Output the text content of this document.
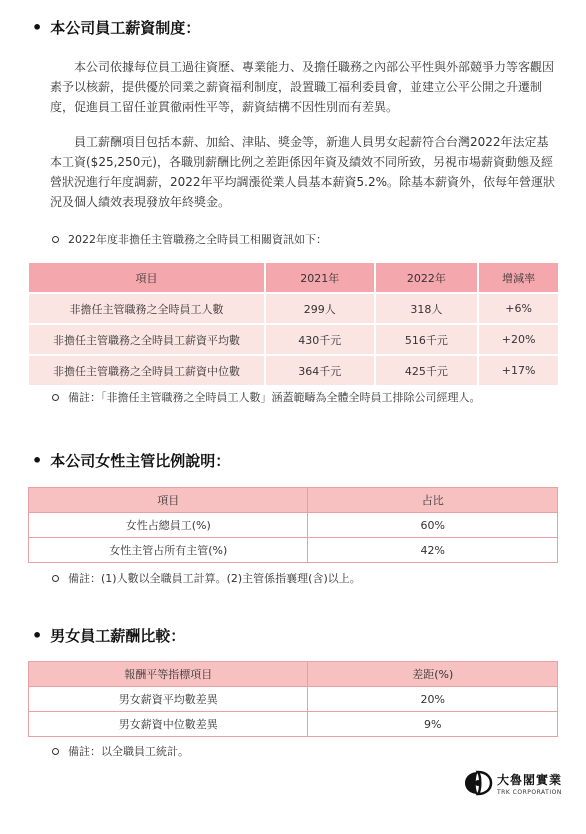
• 本公司員工薪資制度：

本公司依據每位員工過往資歷、專業能力、及擔任職務之內部公平性與外部競爭力等客觀因素予以核薪，提供優於同業之薪資福利制度，設置職工福利委員會，並建立公平公開之升遷制度，促進員工留任並貫徹兩性平等，薪資結構不因性別而有差異。

員工薪酬項目包括本薪、加給、津貼、獎金等，新進人員男女起薪符合台灣2022年法定基本工資($25,250元)，各職別薪酬比例之差距係因年資及績效不同所致，另視市場薪資動態及經營狀況進行年度調薪，2022年平均調漲從業人員基本薪資5.2%。除基本薪資外，依每年營運狀況及個人績效表現發放年終獎金。

2022年度非擔任主管職務之全時員工相關資訊如下：
項目	2021年	2022年	增減率
非擔任主管職務之全時員工人數	299人	318人	+6%
非擔任主管職務之全時員工薪資平均數	430千元	516千元	+20%
非擔任主管職務之全時員工薪資中位數	364千元	425千元	+17%
備註：「非擔任主管職務之全時員工人數」涵蓋範疇為全體全時員工排除公司經理人。
• 本公司女性主管比例說明：
項目	占比
女性占總員工(%)	60%
女性主管占所有主管(%)	42%
備註：(1)人數以全職員工計算。(2)主管係指襄理(含)以上。
• 男女員工薪酬比較：
報酬平等指標項目	差距(%)
男女薪資平均數差異	20%
男女薪資中位數差異	9%
備註：以全職員工統計。
大魯閣實業
TRK CORPORATION
